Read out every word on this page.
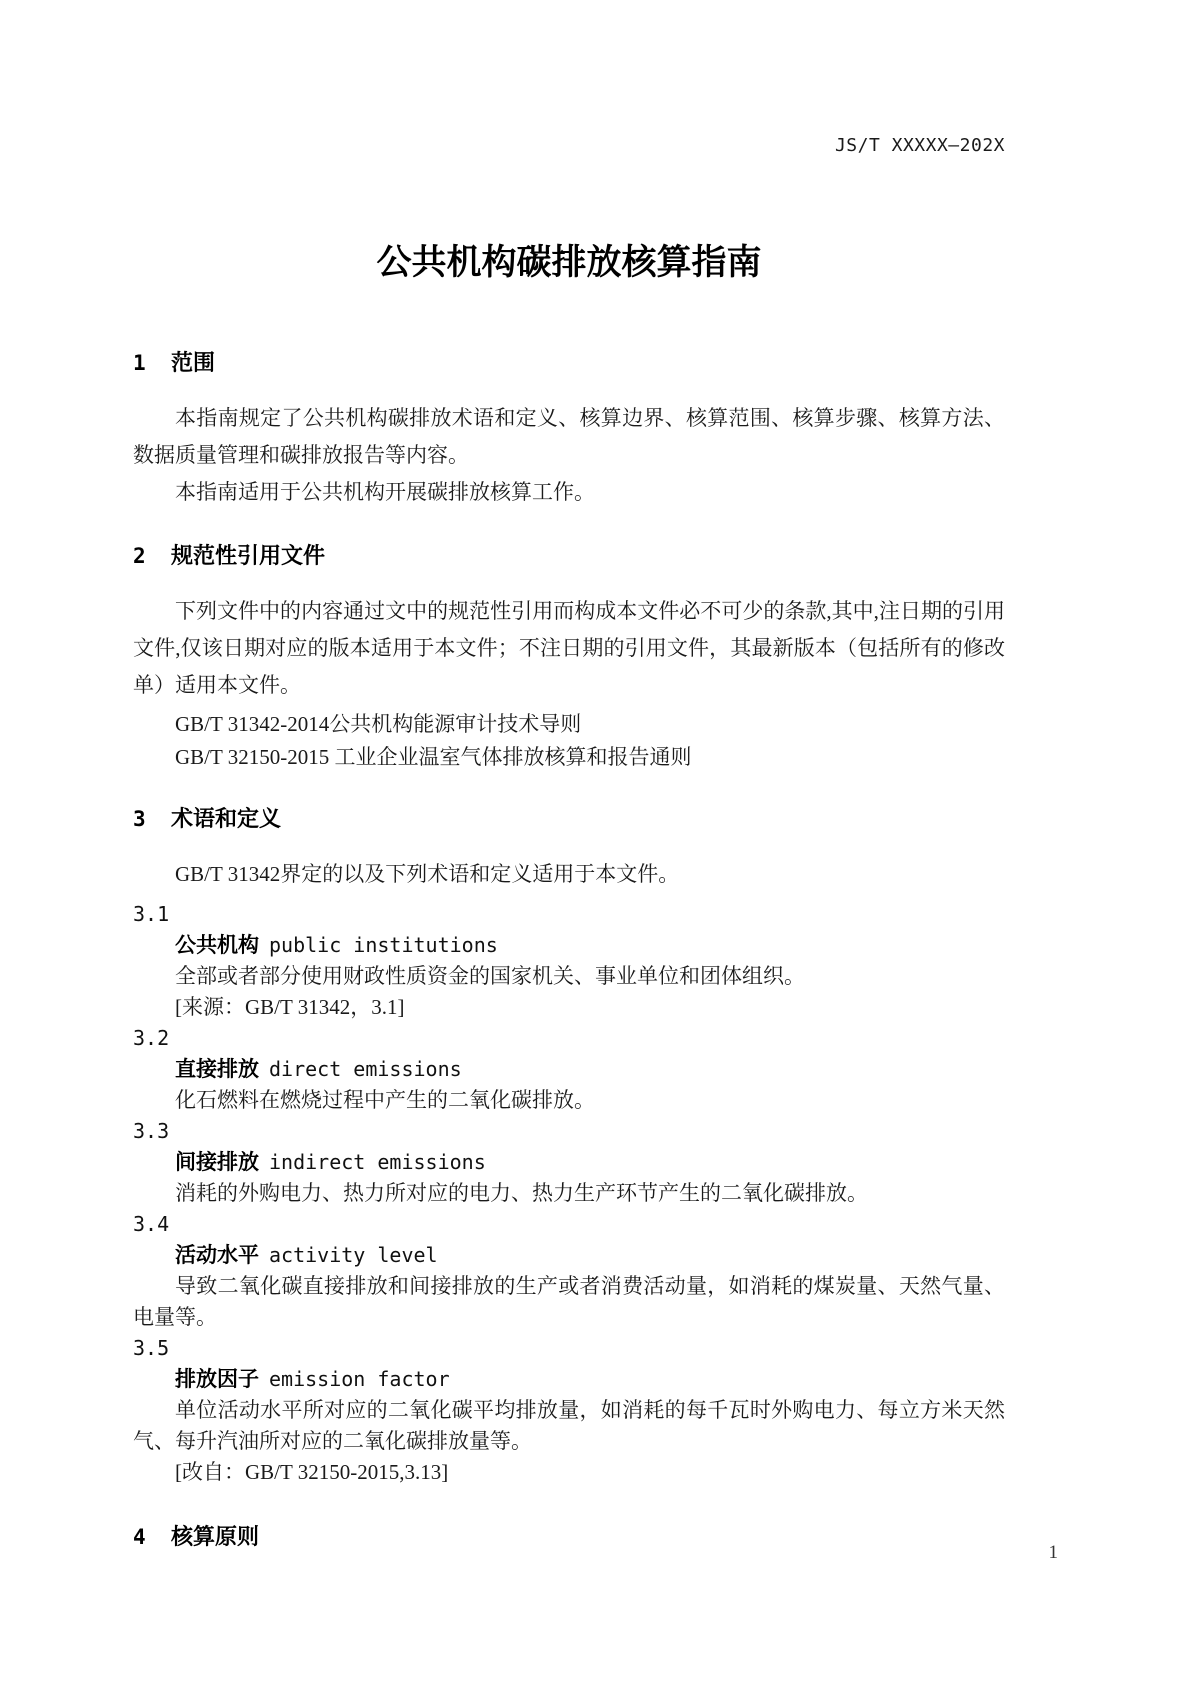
JS/T XXXXX—202X
公共机构碳排放核算指南
1	范围

本指南规定了公共机构碳排放术语和定义、核算边界、核算范围、核算步骤、核算方法、数据质量管理和碳排放报告等内容。

本指南适用于公共机构开展碳排放核算工作。

2	规范性引用文件

下列文件中的内容通过文中的规范性引用而构成本文件必不可少的条款,其中,注日期的引用文件,仅该日期对应的版本适用于本文件；不注日期的引用文件，其最新版本（包括所有的修改单）适用本文件。

GB/T 31342-2014公共机构能源审计技术导则

GB/T 32150-2015 工业企业温室气体排放核算和报告通则

3	术语和定义

GB/T 31342界定的以及下列术语和定义适用于本文件。

3.1
公共机构 public institutions

全部或者部分使用财政性质资金的国家机关、事业单位和团体组织。

[来源：GB/T 31342，3.1]

3.2
直接排放 direct emissions

化石燃料在燃烧过程中产生的二氧化碳排放。

3.3
间接排放 indirect emissions

消耗的外购电力、热力所对应的电力、热力生产环节产生的二氧化碳排放。

3.4
活动水平 activity level

导致二氧化碳直接排放和间接排放的生产或者消费活动量，如消耗的煤炭量、天然气量、电量等。

3.5
排放因子 emission factor

单位活动水平所对应的二氧化碳平均排放量，如消耗的每千瓦时外购电力、每立方米天然气、每升汽油所对应的二氧化碳排放量等。

[改自：GB/T 32150-2015,3.13]

4	核算原则
1
